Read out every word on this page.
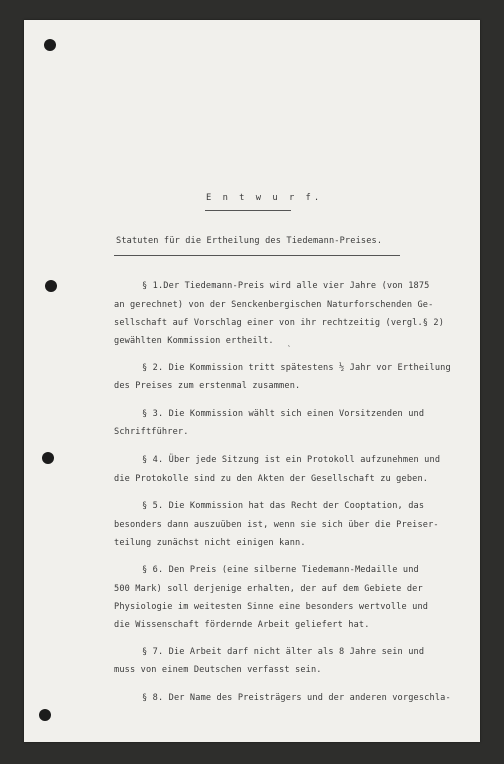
E n t w u r f.
Statuten für die Ertheilung des Tiedemann-Preises.
§ 1.Der Tiedemann-Preis wird alle vier Jahre (von 1875
an gerechnet) von der Senckenbergischen Naturforschenden Ge-
sellschaft auf Vorschlag einer von ihr rechtzeitig (vergl.§ 2)
gewählten Kommission ertheilt. ˛
§ 2. Die Kommission tritt spätestens ½ Jahr vor Ertheilung
des Preises zum erstenmal zusammen.
§ 3. Die Kommission wählt sich einen Vorsitzenden und
Schriftführer.
§ 4. Über jede Sitzung ist ein Protokoll aufzunehmen und
die Protokolle sind zu den Akten der Gesellschaft zu geben.
§ 5. Die Kommission hat das Recht der Cooptation, das
besonders dann auszuüben ist, wenn sie sich über die Preiser-
teilung zunächst nicht einigen kann.
§ 6. Den Preis (eine silberne Tiedemann-Medaille und
500 Mark) soll derjenige erhalten, der auf dem Gebiete der
Physiologie im weitesten Sinne eine besonders wertvolle und
die Wissenschaft fördernde Arbeit geliefert hat.
§ 7. Die Arbeit darf nicht älter als 8 Jahre sein und
muss von einem Deutschen verfasst sein.
§ 8. Der Name des Preisträgers und der anderen vorgeschla-
